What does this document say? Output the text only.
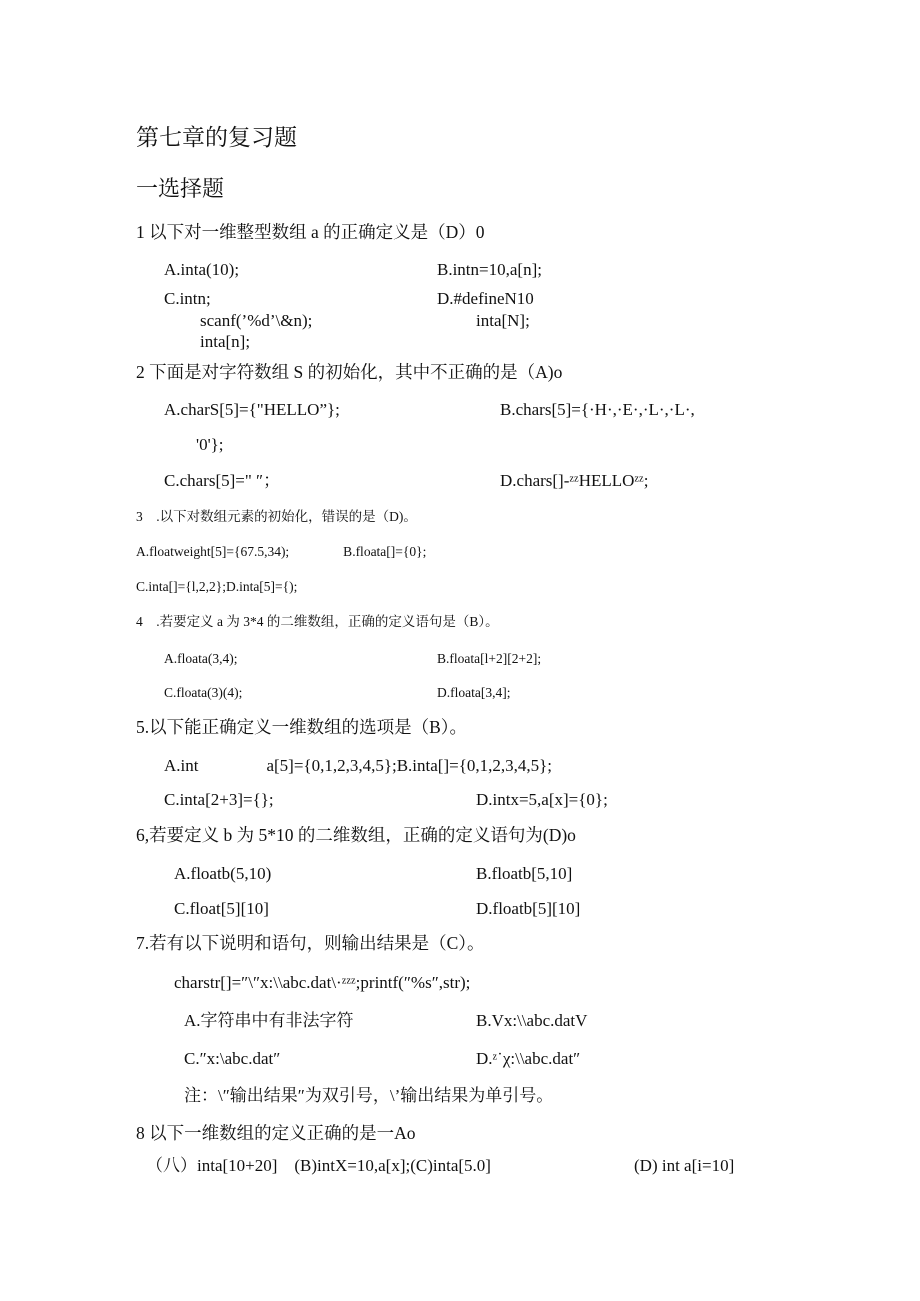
第七章的复习题
一选择题
1 以下对一维整型数组 a 的正确定义是（D）0
A.inta(10);	B.intn=10,a[n];
C.intn;
scanf(’%d’\&n);
inta[n];
D.#defineN10
inta[N];
2 下面是对字符数组 S 的初始化，其中不正确的是（A)o
A.charS[5]={"HELLO”};	B.chars[5]={·H·,·E·,·L·,·L·,
'0'};
C.chars[5]=" ″；	D.chars[]-ᶻᶻHELLOᶻᶻ;
3 .以下对数组元素的初始化，错误的是（D)。
A.floatweight[5]={67.5,34);    B.floata[]={0};
C.inta[]={l,2,2};D.inta[5]={);
4 .若要定义 a 为 3*4 的二维数组，正确的定义语句是（B）。
A.floata(3,4);	B.floata[l+2][2+2];
C.floata(3)(4);	D.floata[3,4];
5.以下能正确定义一维数组的选项是（B）。
A.int    a[5]={0,1,2,3,4,5};B.inta[]={0,1,2,3,4,5};
C.inta[2+3]={};	D.intx=5,a[x]={0};
6,若要定义 b 为 5*10 的二维数组，正确的定义语句为(D)o
A.floatb(5,10)	B.floatb[5,10]
C.float[5][10]	D.floatb[5][10]
7.若有以下说明和语句，则输出结果是（C）。
charstr[]=″\″x:\\abc.dat\·ᶻᶻᶻ;printf(″%s″,str);
A.字符串中有非法字符	B.Vx:\\abc.datV
C.″x:\abc.dat″	D.ᶻ˙χ:\\abc.dat″
注：\″输出结果″为双引号，\’输出结果为单引号。
8 以下一维数组的定义正确的是一Ao
（八）inta[10+20] (B)intX=10,a[x];(C)inta[5.0]	(D) int a[i=10]
